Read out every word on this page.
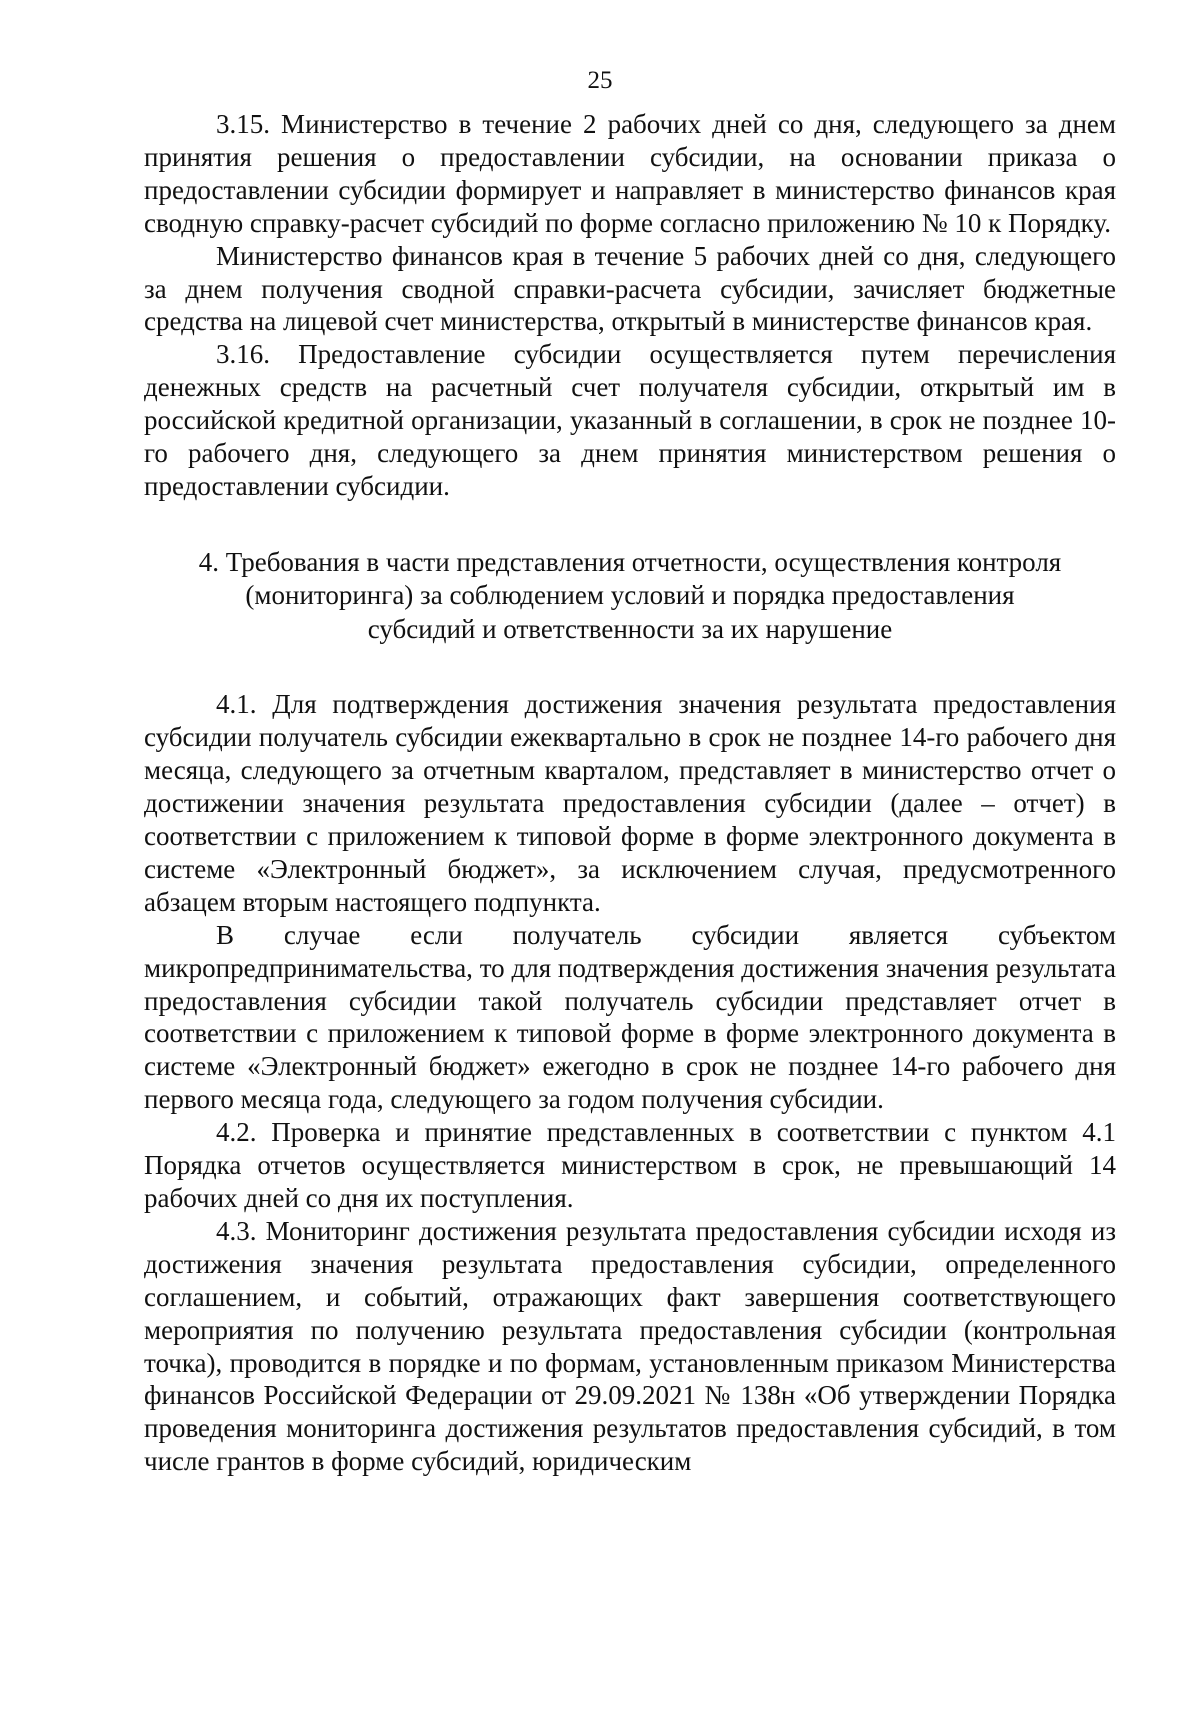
25

3.15. Министерство в течение 2 рабочих дней со дня, следующего за днем принятия решения о предоставлении субсидии, на основании приказа о предоставлении субсидии формирует и направляет в министерство финансов края сводную справку-расчет субсидий по форме согласно приложению № 10 к Порядку.

Министерство финансов края в течение 5 рабочих дней со дня, следующего за днем получения сводной справки-расчета субсидии, зачисляет бюджетные средства на лицевой счет министерства, открытый в министерстве финансов края.

3.16. Предоставление субсидии осуществляется путем перечисления денежных средств на расчетный счет получателя субсидии, открытый им в российской кредитной организации, указанный в соглашении, в срок не позднее 10-го рабочего дня, следующего за днем принятия министерством решения о предоставлении субсидии.

4. Требования в части представления отчетности, осуществления контроля
(мониторинга) за соблюдением условий и порядка предоставления
субсидий и ответственности за их нарушение

4.1. Для подтверждения достижения значения результата предоставления субсидии получатель субсидии ежеквартально в срок не позднее 14-го рабочего дня месяца, следующего за отчетным кварталом, представляет в министерство отчет о достижении значения результата предоставления субсидии (далее – отчет) в соответствии с приложением к типовой форме в форме электронного документа в системе «Электронный бюджет», за исключением случая, предусмотренного абзацем вторым настоящего подпункта.

В случае если получатель субсидии является субъектом микропредпринимательства, то для подтверждения достижения значения результата предоставления субсидии такой получатель субсидии представляет отчет в соответствии с приложением к типовой форме в форме электронного документа в системе «Электронный бюджет» ежегодно в срок не позднее 14-го рабочего дня первого месяца года, следующего за годом получения субсидии.

4.2. Проверка и принятие представленных в соответствии с пунктом 4.1 Порядка отчетов осуществляется министерством в срок, не превышающий 14 рабочих дней со дня их поступления.

4.3. Мониторинг достижения результата предоставления субсидии исходя из достижения значения результата предоставления субсидии, определенного соглашением, и событий, отражающих факт завершения соответствующего мероприятия по получению результата предоставления субсидии (контрольная точка), проводится в порядке и по формам, установленным приказом Министерства финансов Российской Федерации от 29.09.2021 № 138н «Об утверждении Порядка проведения мониторинга достижения результатов предоставления субсидий, в том числе грантов в форме субсидий, юридическим
